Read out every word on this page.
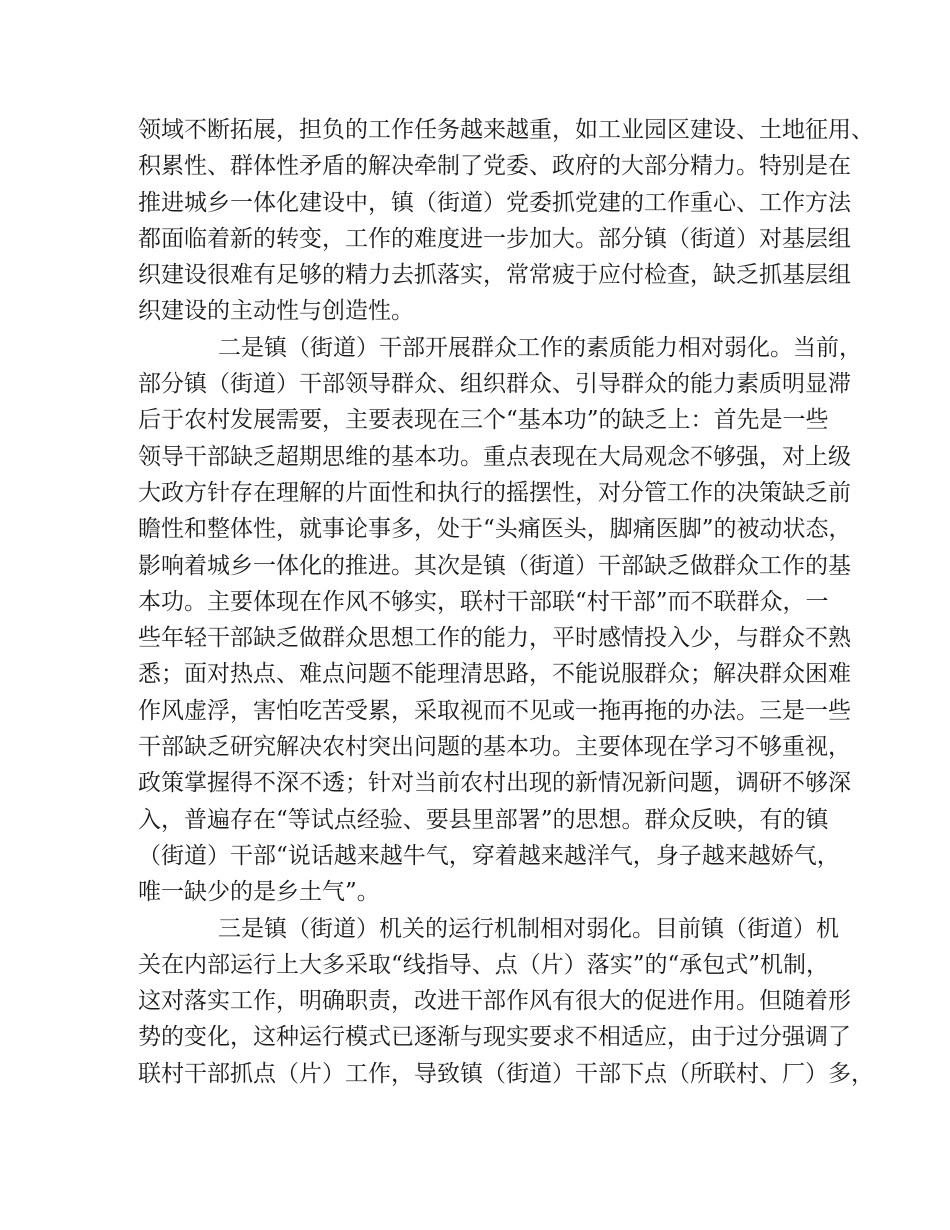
领域不断拓展，担负的工作任务越来越重，如工业园区建设、土地征用、
积累性、群体性矛盾的解决牵制了党委、政府的大部分精力。特别是在
推进城乡一体化建设中，镇（街道）党委抓党建的工作重心、工作方法
都面临着新的转变，工作的难度进一步加大。部分镇（街道）对基层组
织建设很难有足够的精力去抓落实，常常疲于应付检查，缺乏抓基层组
织建设的主动性与创造性。
二是镇（街道）干部开展群众工作的素质能力相对弱化。当前，
部分镇（街道）干部领导群众、组织群众、引导群众的能力素质明显滞
后于农村发展需要，主要表现在三个“基本功”的缺乏上：首先是一些
领导干部缺乏超期思维的基本功。重点表现在大局观念不够强，对上级
大政方针存在理解的片面性和执行的摇摆性，对分管工作的决策缺乏前
瞻性和整体性，就事论事多，处于“头痛医头，脚痛医脚”的被动状态，
影响着城乡一体化的推进。其次是镇（街道）干部缺乏做群众工作的基
本功。主要体现在作风不够实，联村干部联“村干部”而不联群众，一
些年轻干部缺乏做群众思想工作的能力，平时感情投入少，与群众不熟
悉；面对热点、难点问题不能理清思路，不能说服群众；解决群众困难
作风虚浮，害怕吃苦受累，采取视而不见或一拖再拖的办法。三是一些
干部缺乏研究解决农村突出问题的基本功。主要体现在学习不够重视，
政策掌握得不深不透；针对当前农村出现的新情况新问题，调研不够深
入，普遍存在“等试点经验、要县里部署”的思想。群众反映，有的镇
（街道）干部“说话越来越牛气，穿着越来越洋气，身子越来越娇气，
唯一缺少的是乡土气”。
三是镇（街道）机关的运行机制相对弱化。目前镇（街道）机
关在内部运行上大多采取“线指导、点（片）落实”的“承包式”机制，
这对落实工作，明确职责，改进干部作风有很大的促进作用。但随着形
势的变化，这种运行模式已逐渐与现实要求不相适应，由于过分强调了
联村干部抓点（片）工作，导致镇（街道）干部下点（所联村、厂）多，
